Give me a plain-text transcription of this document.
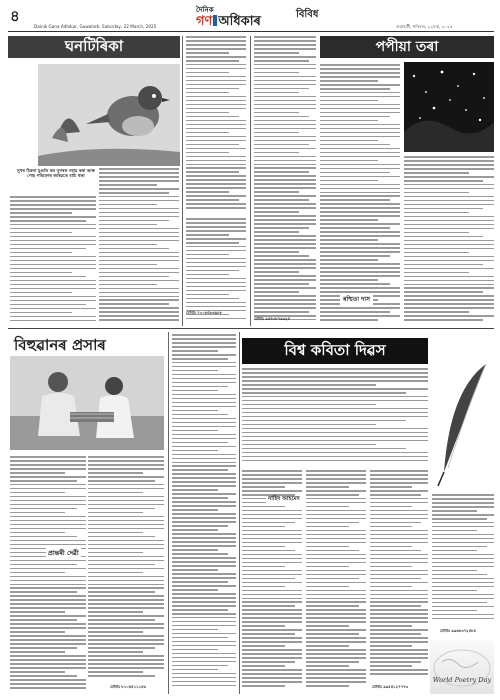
৪	দৈনিক
গণ অধিকাৰ	বিবিধ
Dainik Gana Adhikar, Guwahati, Saturday, 22 March, 2025	গুৱাহাটী, শনিবাৰ, ২২মাৰ্চ, ২০২৫
ঘনটিৰিকা
সুখৰ ঠিকনা যুগুতি কৰ সুগৰক সহায় কৰা আৰু পোহ পৰিবেশৰ জৰিয়তে বাচি থকা
মোবাঃ ৭০০৮৪৮৬৯৮৮
মোবাঃ ৯৫৪০৮৭৯৩২৫
পপীয়া তৰা
ৰশ্মিতা দাস
বিহুৱানৰ প্ৰসাৰ
প্ৰান্তৰী দেৱী
মোবাঃ ৮১০৫৫১১১৫৬
বিশ্ব কবিতা দিৱস
নাহিদ আহমেদ
মোবাঃ ৯৯৫৪১২৭৭৭৩
মোবাঃ ৯৯৬৮৩৭২৫৮৫
World Poetry Day
